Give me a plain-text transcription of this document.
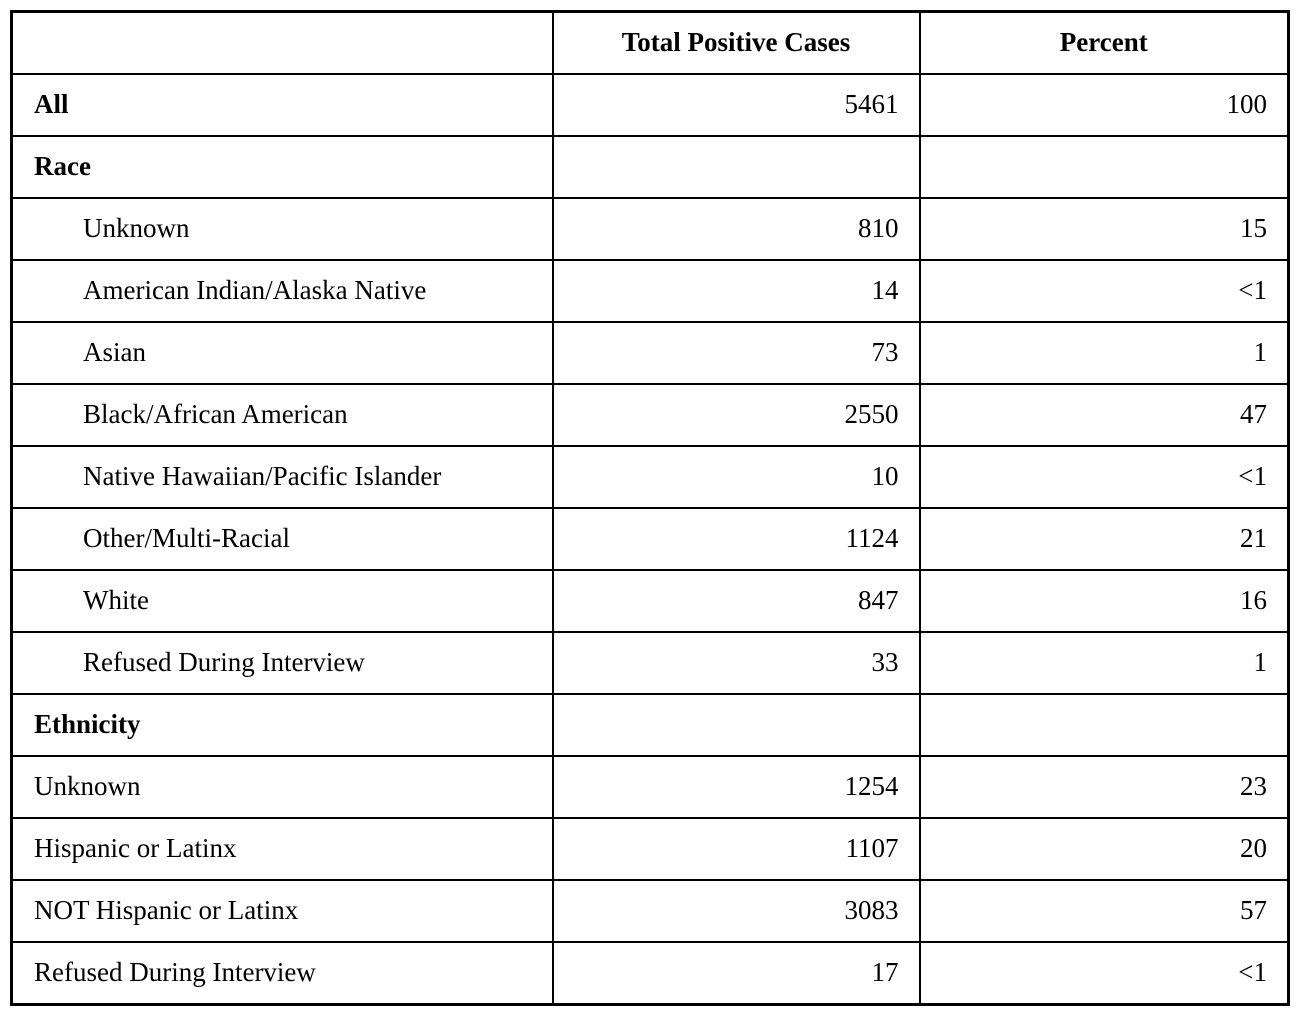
	Total Positive Cases	Percent
All	5461	100
Race		
Unknown	810	15
American Indian/Alaska Native	14	<1
Asian	73	1
Black/African American	2550	47
Native Hawaiian/Pacific Islander	10	<1
Other/Multi-Racial	1124	21
White	847	16
Refused During Interview	33	1
Ethnicity		
Unknown	1254	23
Hispanic or Latinx	1107	20
NOT Hispanic or Latinx	3083	57
Refused During Interview	17	<1
